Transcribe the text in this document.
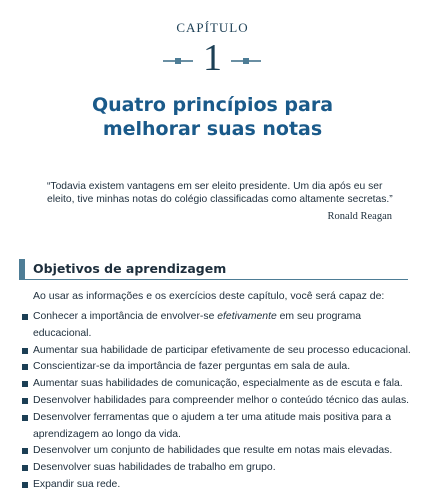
CAPÍTULO
1
Quatro princípios para
melhorar suas notas
“Todavia existem vantagens em ser eleito presidente. Um dia após eu ser eleito, tive minhas notas do colégio classificadas como altamente secretas.”
Ronald Reagan
Objetivos de aprendizagem
Ao usar as informações e os exercícios deste capítulo, você será capaz de:
Conhecer a importância de envolver-se efetivamente em seu programa educacional.
Aumentar sua habilidade de participar efetivamente de seu processo educacional.
Conscientizar-se da importância de fazer perguntas em sala de aula.
Aumentar suas habilidades de comunicação, especialmente as de escuta e fala.
Desenvolver habilidades para compreender melhor o conteúdo técnico das aulas.
Desenvolver ferramentas que o ajudem a ter uma atitude mais positiva para a aprendizagem ao longo da vida.
Desenvolver um conjunto de habilidades que resulte em notas mais elevadas.
Desenvolver suas habilidades de trabalho em grupo.
Expandir sua rede.
